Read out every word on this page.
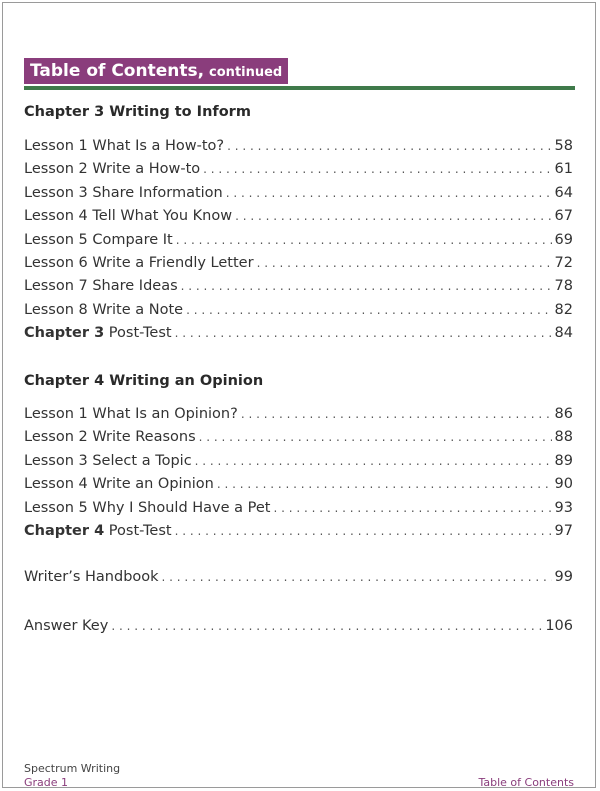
Table of Contents, continued
Chapter 3 Writing to Inform
Lesson 1 What Is a How-to? . . .	58
Lesson 2 Write a How-to . . .	61
Lesson 3 Share Information . . .	64
Lesson 4 Tell What You Know . . .	67
Lesson 5 Compare It . . .	69
Lesson 6 Write a Friendly Letter . . .	72
Lesson 7 Share Ideas . . .	78
Lesson 8 Write a Note . . .	82
Chapter 3 Post-Test . . .	84
Chapter 4 Writing an Opinion
Lesson 1 What Is an Opinion? . . .	86
Lesson 2 Write Reasons . . .	88
Lesson 3 Select a Topic . . .	89
Lesson 4 Write an Opinion . . .	90
Lesson 5 Why I Should Have a Pet . . .	93
Chapter 4 Post-Test . . .	97
Writer’s Handbook . . .	99
Answer Key . . .	106
Spectrum Writing
Grade 1	Table of Contents
